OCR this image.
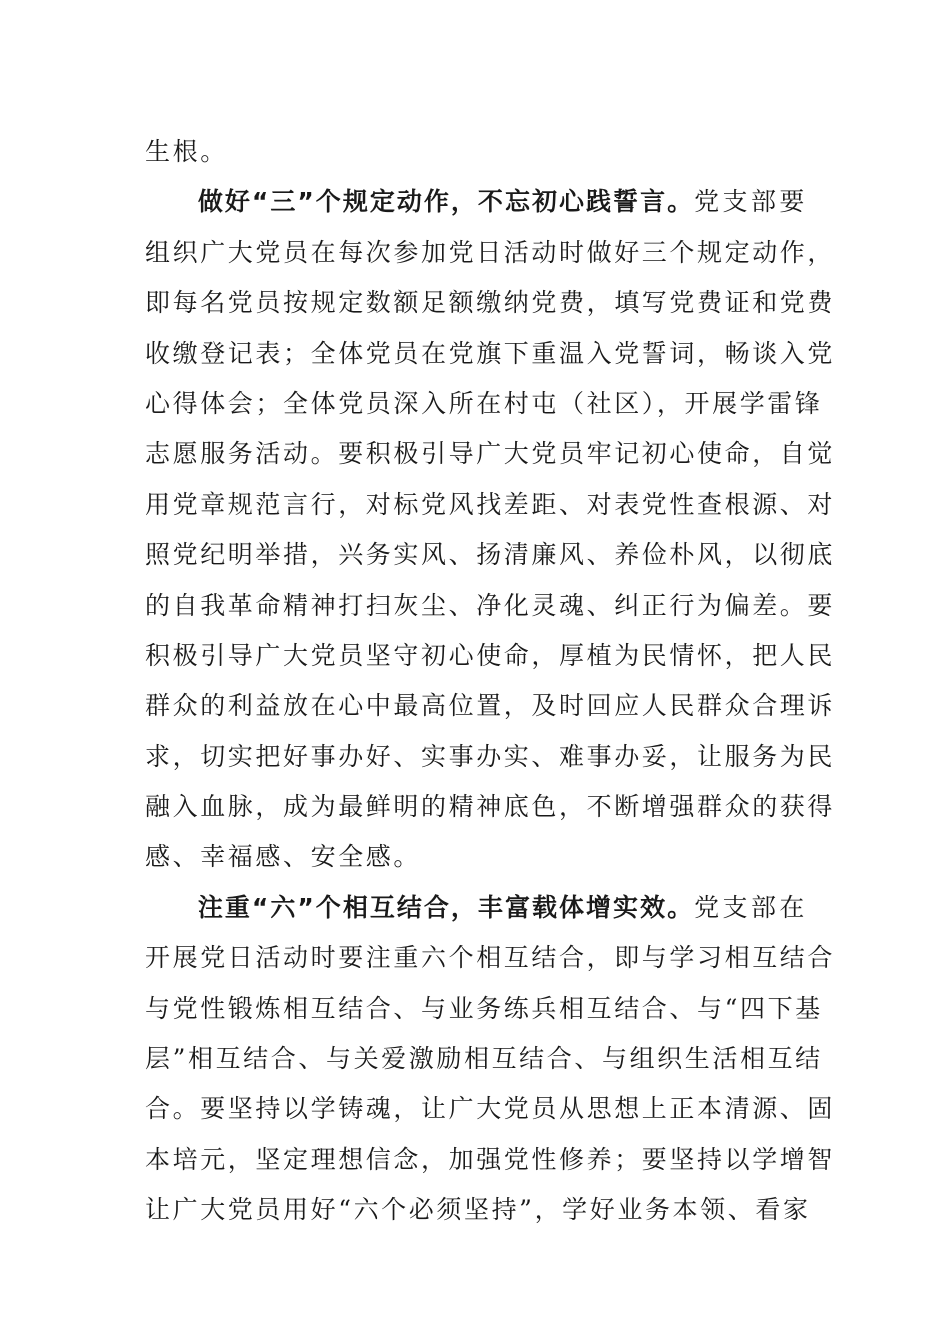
生根。
做好“三”个规定动作，不忘初心践誓言。党支部要
组织广大党员在每次参加党日活动时做好三个规定动作，
即每名党员按规定数额足额缴纳党费，填写党费证和党费
收缴登记表；全体党员在党旗下重温入党誓词，畅谈入党
心得体会；全体党员深入所在村屯（社区），开展学雷锋
志愿服务活动。要积极引导广大党员牢记初心使命，自觉
用党章规范言行，对标党风找差距、对表党性查根源、对
照党纪明举措，兴务实风、扬清廉风、养俭朴风，以彻底
的自我革命精神打扫灰尘、净化灵魂、纠正行为偏差。要
积极引导广大党员坚守初心使命，厚植为民情怀，把人民
群众的利益放在心中最高位置，及时回应人民群众合理诉
求，切实把好事办好、实事办实、难事办妥，让服务为民
融入血脉，成为最鲜明的精神底色，不断增强群众的获得
感、幸福感、安全感。
注重“六”个相互结合，丰富载体增实效。党支部在
开展党日活动时要注重六个相互结合，即与学习相互结合
与党性锻炼相互结合、与业务练兵相互结合、与“四下基
层”相互结合、与关爱激励相互结合、与组织生活相互结
合。要坚持以学铸魂，让广大党员从思想上正本清源、固
本培元，坚定理想信念，加强党性修养；要坚持以学增智
让广大党员用好“六个必须坚持”，学好业务本领、看家
